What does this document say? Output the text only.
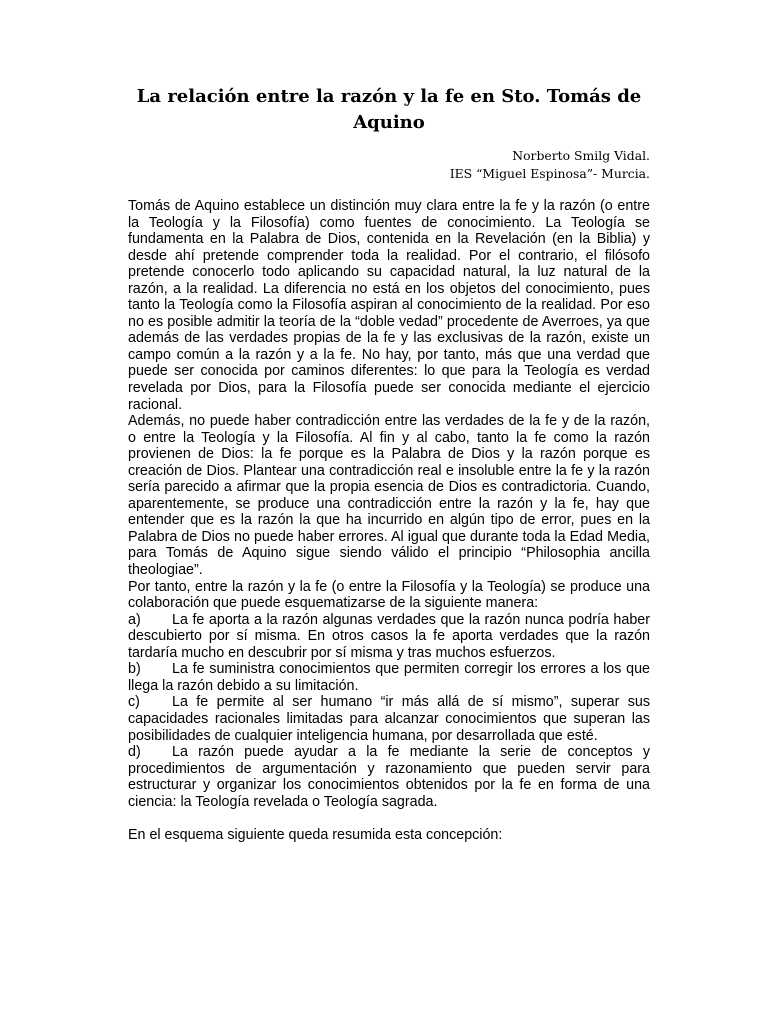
La relación entre la razón y la fe en Sto. Tomás de Aquino
Norberto Smilg Vidal.
IES “Miguel Espinosa”- Murcia.

Tomás de Aquino establece un distinción muy clara entre la fe y la razón (o entre la Teología y la Filosofía) como fuentes de conocimiento. La Teología se fundamenta en la Palabra de Dios, contenida en la Revelación (en la Biblia) y desde ahí pretende comprender toda la realidad. Por el contrario, el filósofo pretende conocerlo todo aplicando su capacidad natural, la luz natural de la razón, a la realidad. La diferencia no está en los objetos del conocimiento, pues tanto la Teología como la Filosofía aspiran al conocimiento de la realidad. Por eso no es posible admitir la teoría de la “doble vedad” procedente de Averroes, ya que además de las verdades propias de la fe y las exclusivas de la razón, existe un campo común a la razón y a la fe. No hay, por tanto, más que una verdad que puede ser conocida por caminos diferentes: lo que para la Teología es verdad revelada por Dios, para la Filosofía puede ser conocida mediante el ejercicio racional.

Además, no puede haber contradicción entre las verdades de la fe y de la razón, o entre la Teología y la Filosofía. Al fin y al cabo, tanto la fe como la razón provienen de Dios: la fe porque es la Palabra de Dios y la razón porque es creación de Dios. Plantear una contradicción real e insoluble entre la fe y la razón sería parecido a afirmar que la propia esencia de Dios es contradictoria. Cuando, aparentemente, se produce una contradicción entre la razón y la fe, hay que entender que es la razón la que ha incurrido en algún tipo de error, pues en la Palabra de Dios no puede haber errores. Al igual que durante toda la Edad Media, para Tomás de Aquino sigue siendo válido el principio “Philosophia ancilla theologiae”.

Por tanto, entre la razón y la fe (o entre la Filosofía y la Teología) se produce una colaboración que puede esquematizarse de la siguiente manera:

a) La fe aporta a la razón algunas verdades que la razón nunca podría haber descubierto por sí misma. En otros casos la fe aporta verdades que la razón tardaría mucho en descubrir por sí misma y tras muchos esfuerzos.

b) La fe suministra conocimientos que permiten corregir los errores a los que llega la razón debido a su limitación.

c) La fe permite al ser humano “ir más allá de sí mismo”, superar sus capacidades racionales limitadas para alcanzar conocimientos que superan las posibilidades de cualquier inteligencia humana, por desarrollada que esté.

d) La razón puede ayudar a la fe mediante la serie de conceptos y procedimientos de argumentación y razonamiento que pueden servir para estructurar y organizar los conocimientos obtenidos por la fe en forma de una ciencia: la Teología revelada o Teología sagrada.

En el esquema siguiente queda resumida esta concepción:
